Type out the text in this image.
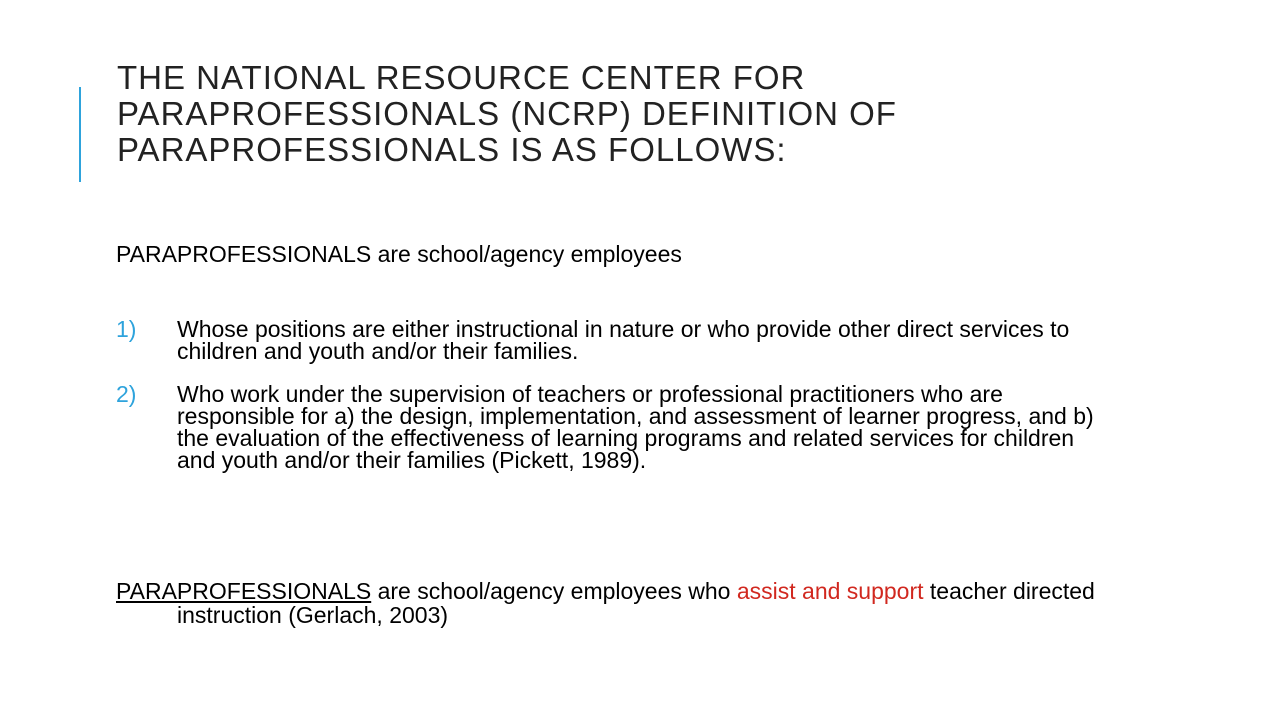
THE NATIONAL RESOURCE CENTER FOR PARAPROFESSIONALS (NCRP) DEFINITION OF PARAPROFESSIONALS IS AS FOLLOWS:

PARAPROFESSIONALS are school/agency employees

1) Whose positions are either instructional in nature or who provide other direct services to children and youth and/or their families.
2) Who work under the supervision of teachers or professional practitioners who are responsible for a) the design, implementation, and assessment of learner progress, and b) the evaluation of the effectiveness of learning programs and related services for children and youth and/or their families (Pickett, 1989).

PARAPROFESSIONALS are school/agency employees who assist and support teacher directed instruction (Gerlach, 2003)
